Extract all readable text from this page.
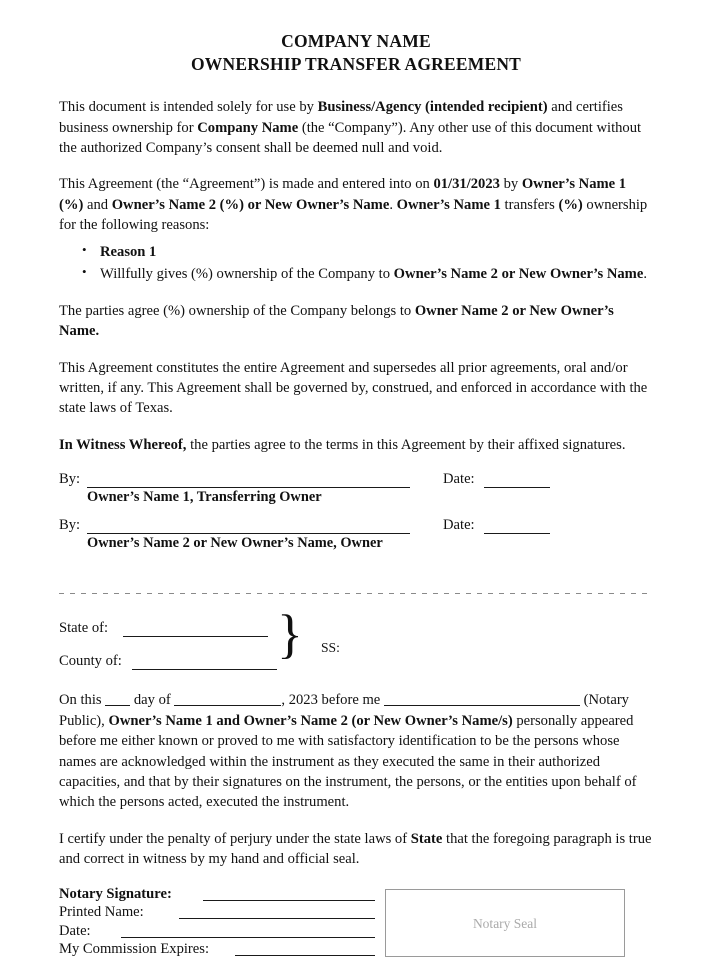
COMPANY NAME
OWNERSHIP TRANSFER AGREEMENT

This document is intended solely for use by Business/Agency (intended recipient) and certifies business ownership for Company Name (the “Company”). Any other use of this document without the authorized Company’s consent shall be deemed null and void.

This Agreement (the “Agreement”) is made and entered into on 01/31/2023 by Owner’s Name 1 (%) and Owner’s Name 2 (%) or New Owner’s Name. Owner’s Name 1 transfers (%) ownership for the following reasons:

• Reason 1
• Willfully gives (%) ownership of the Company to Owner’s Name 2 or New Owner’s Name.

The parties agree (%) ownership of the Company belongs to Owner Name 2 or New Owner’s Name.

This Agreement constitutes the entire Agreement and supersedes all prior agreements, oral and/or written, if any. This Agreement shall be governed by, construed, and enforced in accordance with the state laws of Texas.

In Witness Whereof, the parties agree to the terms in this Agreement by their affixed signatures.

By:
Owner’s Name 1, Transferring Owner
Date:
By:
Owner’s Name 2 or New Owner’s Name, Owner
Date:
State of:
County of:	} SS:

On this  day of	, 2023 before me	(Notary Public), Owner’s Name 1 and Owner’s Name 2 (or New Owner’s Name/s) personally appeared before me either known or proved to me with satisfactory identification to be the persons whose names are acknowledged within the instrument as they executed the same in their authorized capacities, and that by their signatures on the instrument, the persons, or the entities upon behalf of which the persons acted, executed the instrument.

I certify under the penalty of perjury under the state laws of State that the foregoing paragraph is true and correct in witness by my hand and official seal.

Notary Signature:
Printed Name:
Date:
My Commission Expires:
Notary Seal
